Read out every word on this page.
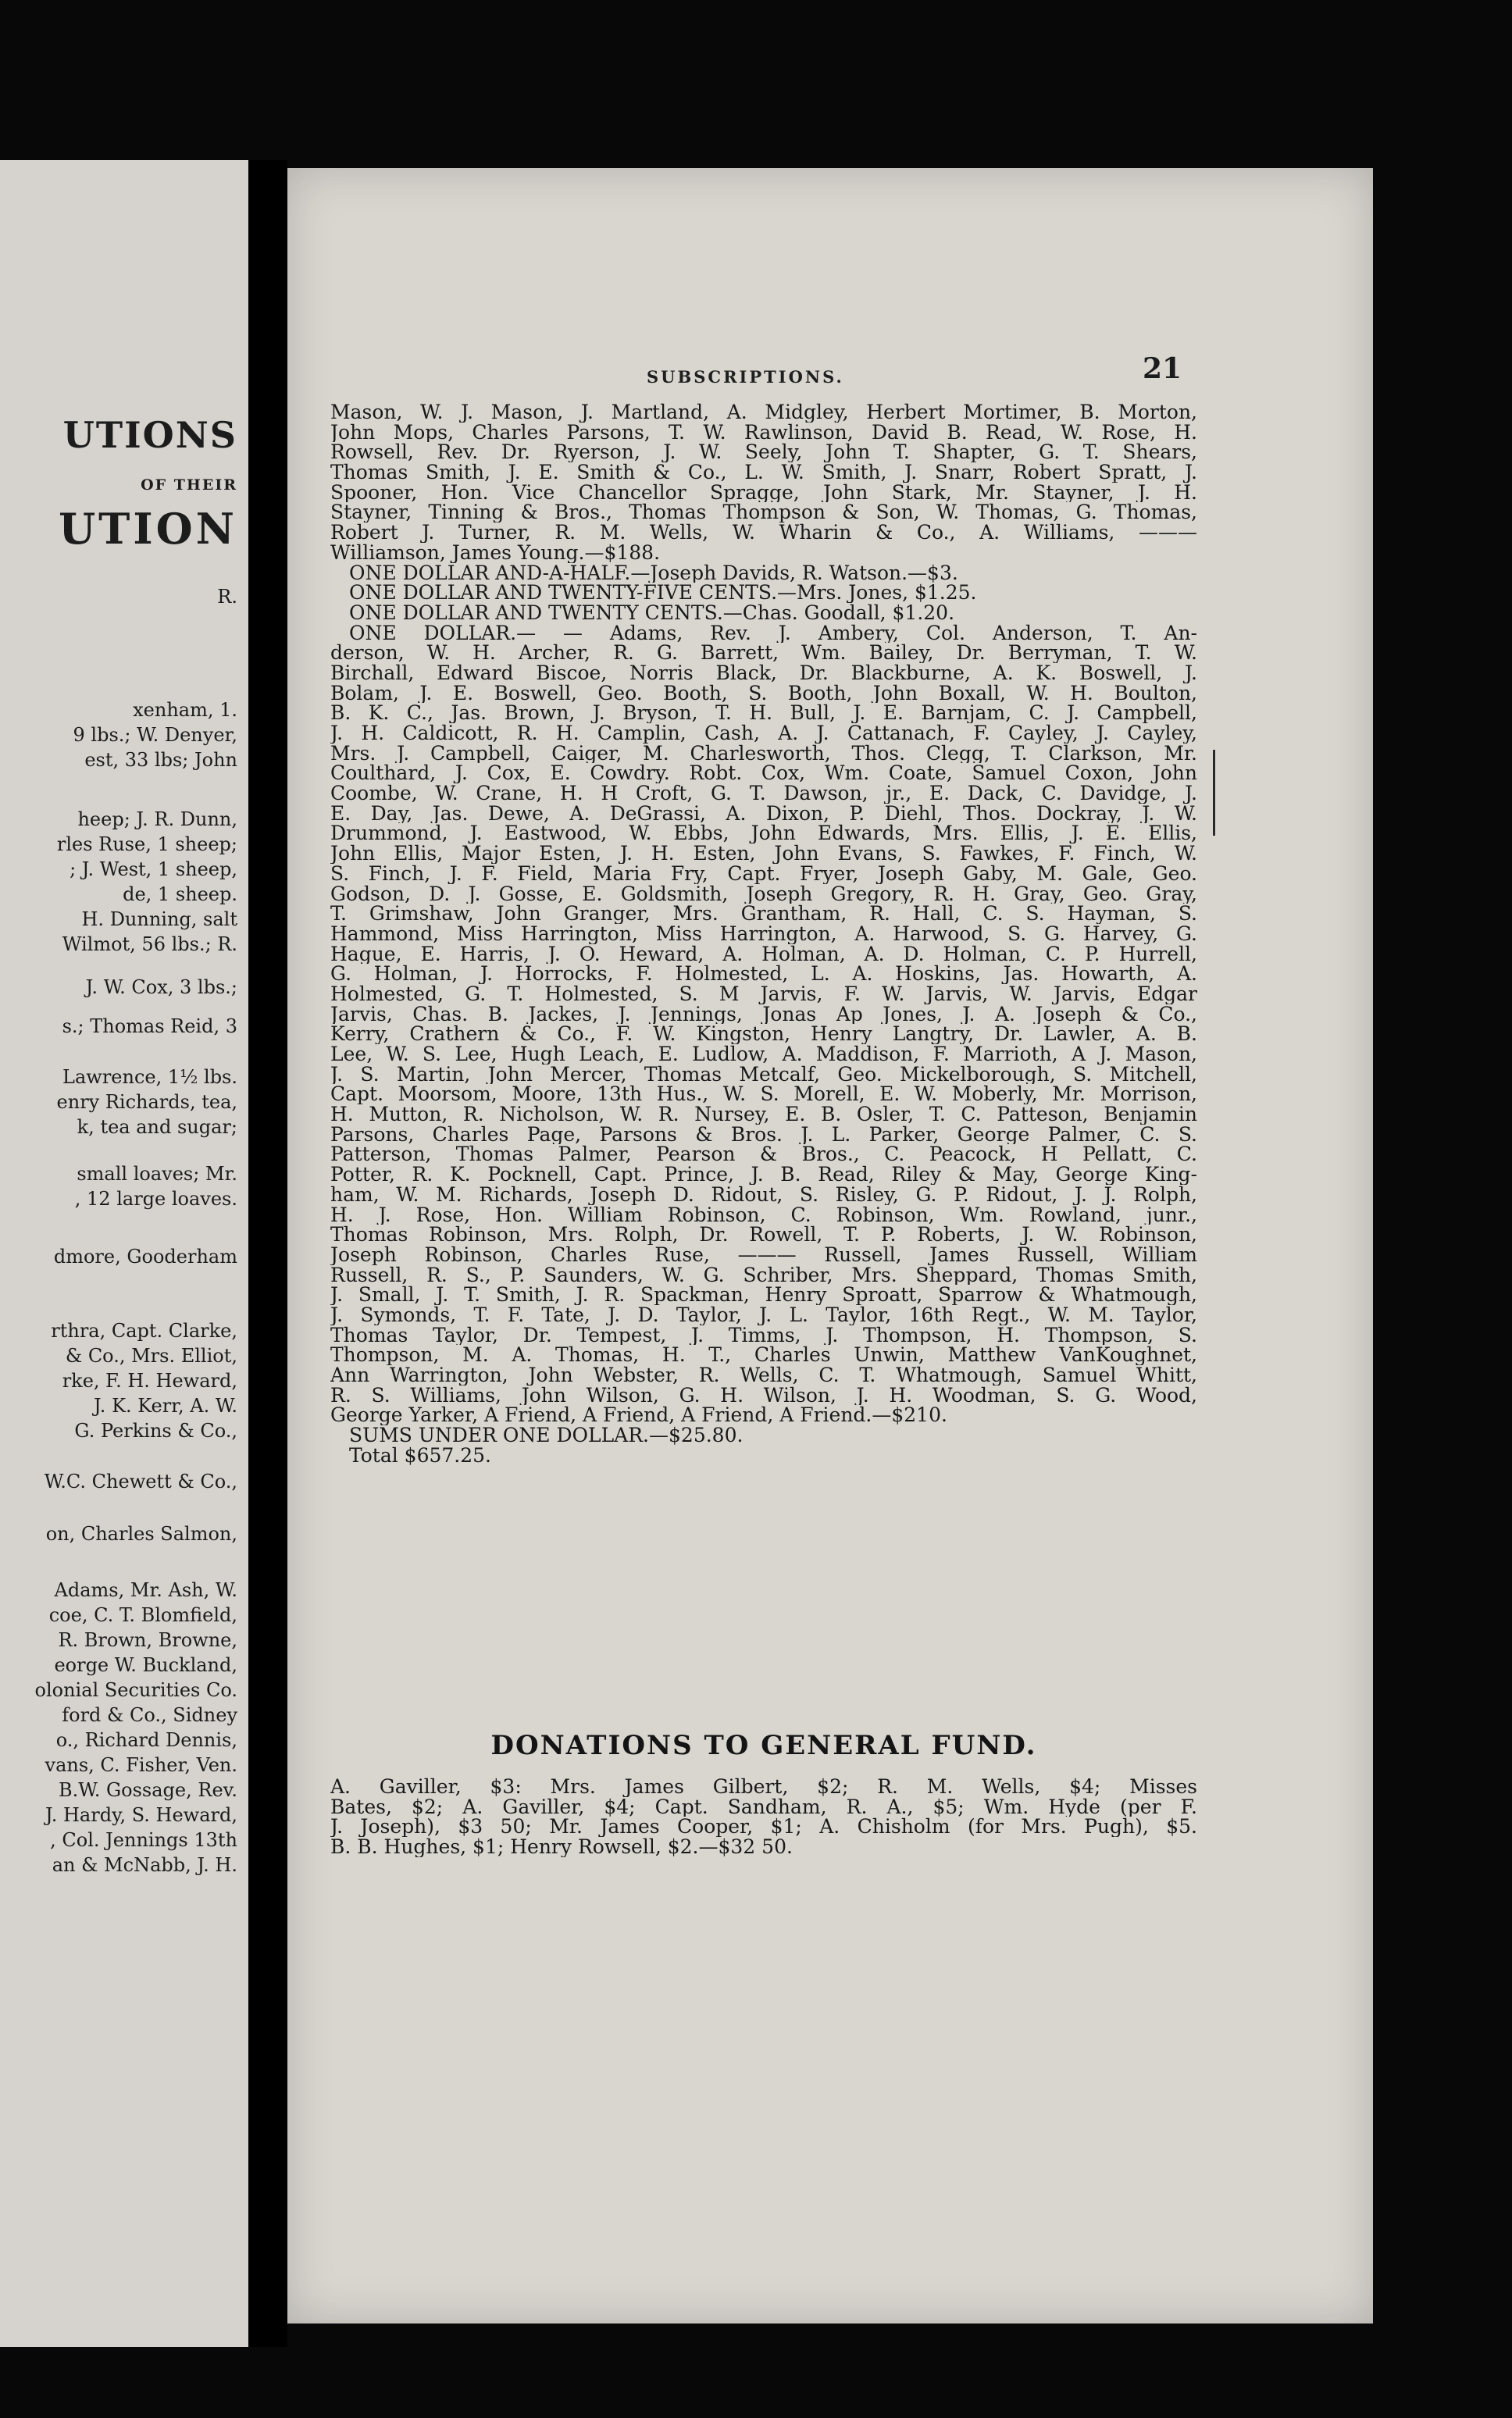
UTIONS

OF THEIR

UTION

R.

xenham, 1.

9 lbs.; W. Denyer,

est, 33 lbs; John

heep; J. R. Dunn,

rles Ruse, 1 sheep;

; J. West, 1 sheep,

de, 1 sheep.

H. Dunning, salt

Wilmot, 56 lbs.; R.

J. W. Cox, 3 lbs.;

s.; Thomas Reid, 3

Lawrence, 1½ lbs.

enry Richards, tea,

k, tea and sugar;

small loaves; Mr.

, 12 large loaves.

dmore, Gooderham

rthra, Capt. Clarke,

& Co., Mrs. Elliot,

rke, F. H. Heward,

J. K. Kerr, A. W.

G. Perkins & Co.,

W.C. Chewett & Co.,

on, Charles Salmon,

Adams, Mr. Ash, W.

coe, C. T. Blomfield,

R. Brown, Browne,

eorge W. Buckland,

olonial Securities Co.

ford & Co., Sidney

o., Richard Dennis,

vans, C. Fisher, Ven.

B.W. Gossage, Rev.

J. Hardy, S. Heward,

, Col. Jennings 13th

an & McNabb, J. H.

SUBSCRIPTIONS.	21

Mason, W. J. Mason, J. Martland, A. Midgley, Herbert Mortimer, B. Morton,

John Mops, Charles Parsons, T. W. Rawlinson, David B. Read, W. Rose, H.

Rowsell, Rev. Dr. Ryerson, J. W. Seely, John T. Shapter, G. T. Shears,

Thomas Smith, J. E. Smith & Co., L. W. Smith, J. Snarr, Robert Spratt, J.

Spooner, Hon. Vice Chancellor Spragge, John Stark, Mr. Stayner, J. H.

Stayner, Tinning & Bros., Thomas Thompson & Son, W. Thomas, G. Thomas,

Robert J. Turner, R. M. Wells, W. Wharin & Co., A. Williams, ———

Williamson, James Young.—$188.

ONE DOLLAR AND-A-HALF.—Joseph Davids, R. Watson.—$3.

ONE DOLLAR AND TWENTY-FIVE CENTS.—Mrs. Jones, $1.25.

ONE DOLLAR AND TWENTY CENTS.—Chas. Goodall, $1.20.

ONE DOLLAR.— — Adams, Rev. J. Ambery, Col. Anderson, T. An-

derson, W. H. Archer, R. G. Barrett, Wm. Bailey, Dr. Berryman, T. W.

Birchall, Edward Biscoe, Norris Black, Dr. Blackburne, A. K. Boswell, J.

Bolam, J. E. Boswell, Geo. Booth, S. Booth, John Boxall, W. H. Boulton,

B. K. C., Jas. Brown, J. Bryson, T. H. Bull, J. E. Barnjam, C. J. Campbell,

J. H. Caldicott, R. H. Camplin, Cash, A. J. Cattanach, F. Cayley, J. Cayley,

Mrs. J. Campbell, Caiger, M. Charlesworth, Thos. Clegg, T. Clarkson, Mr.

Coulthard, J. Cox, E. Cowdry. Robt. Cox, Wm. Coate, Samuel Coxon, John

Coombe, W. Crane, H. H Croft, G. T. Dawson, jr., E. Dack, C. Davidge, J.

E. Day, Jas. Dewe, A. DeGrassi, A. Dixon, P. Diehl, Thos. Dockray, J. W.

Drummond, J. Eastwood, W. Ebbs, John Edwards, Mrs. Ellis, J. E. Ellis,

John Ellis, Major Esten, J. H. Esten, John Evans, S. Fawkes, F. Finch, W.

S. Finch, J. F. Field, Maria Fry, Capt. Fryer, Joseph Gaby, M. Gale, Geo.

Godson, D. J. Gosse, E. Goldsmith, Joseph Gregory, R. H. Gray, Geo. Gray,

T. Grimshaw, John Granger, Mrs. Grantham, R. Hall, C. S. Hayman, S.

Hammond, Miss Harrington, Miss Harrington, A. Harwood, S. G. Harvey, G.

Hague, E. Harris, J. O. Heward, A. Holman, A. D. Holman, C. P. Hurrell,

G. Holman, J. Horrocks, F. Holmested, L. A. Hoskins, Jas. Howarth, A.

Holmested, G. T. Holmested, S. M Jarvis, F. W. Jarvis, W. Jarvis, Edgar

Jarvis, Chas. B. Jackes, J. Jennings, Jonas Ap Jones, J. A. Joseph & Co.,

Kerry, Crathern & Co., F. W. Kingston, Henry Langtry, Dr. Lawler, A. B.

Lee, W. S. Lee, Hugh Leach, E. Ludlow, A. Maddison, F. Marrioth, A J. Mason,

J. S. Martin, John Mercer, Thomas Metcalf, Geo. Mickelborough, S. Mitchell,

Capt. Moorsom, Moore, 13th Hus., W. S. Morell, E. W. Moberly, Mr. Morrison,

H. Mutton, R. Nicholson, W. R. Nursey, E. B. Osler, T. C. Patteson, Benjamin

Parsons, Charles Page, Parsons & Bros. J. L. Parker, George Palmer, C. S.

Patterson, Thomas Palmer, Pearson & Bros., C. Peacock, H Pellatt, C.

Potter, R. K. Pocknell, Capt. Prince, J. B. Read, Riley & May, George King-

ham, W. M. Richards, Joseph D. Ridout, S. Risley, G. P. Ridout, J. J. Rolph,

H. J. Rose, Hon. William Robinson, C. Robinson, Wm. Rowland, junr.,

Thomas Robinson, Mrs. Rolph, Dr. Rowell, T. P. Roberts, J. W. Robinson,

Joseph Robinson, Charles Ruse, ——— Russell, James Russell, William

Russell, R. S., P. Saunders, W. G. Schriber, Mrs. Sheppard, Thomas Smith,

J. Small, J. T. Smith, J. R. Spackman, Henry Sproatt, Sparrow & Whatmough,

J. Symonds, T. F. Tate, J. D. Taylor, J. L. Taylor, 16th Regt., W. M. Taylor,

Thomas Taylor, Dr. Tempest, J. Timms, J. Thompson, H. Thompson, S.

Thompson, M. A. Thomas, H. T., Charles Unwin, Matthew VanKoughnet,

Ann Warrington, John Webster, R. Wells, C. T. Whatmough, Samuel Whitt,

R. S. Williams, John Wilson, G. H. Wilson, J. H. Woodman, S. G. Wood,

George Yarker, A Friend, A Friend, A Friend, A Friend.—$210.

SUMS UNDER ONE DOLLAR.—$25.80.

Total $657.25.

DONATIONS TO GENERAL FUND.

A. Gaviller, $3: Mrs. James Gilbert, $2; R. M. Wells, $4; Misses

Bates, $2; A. Gaviller, $4; Capt. Sandham, R. A., $5; Wm. Hyde (per F.

J. Joseph), $3 50; Mr. James Cooper, $1; A. Chisholm (for Mrs. Pugh), $5.

B. B. Hughes, $1; Henry Rowsell, $2.—$32 50.
